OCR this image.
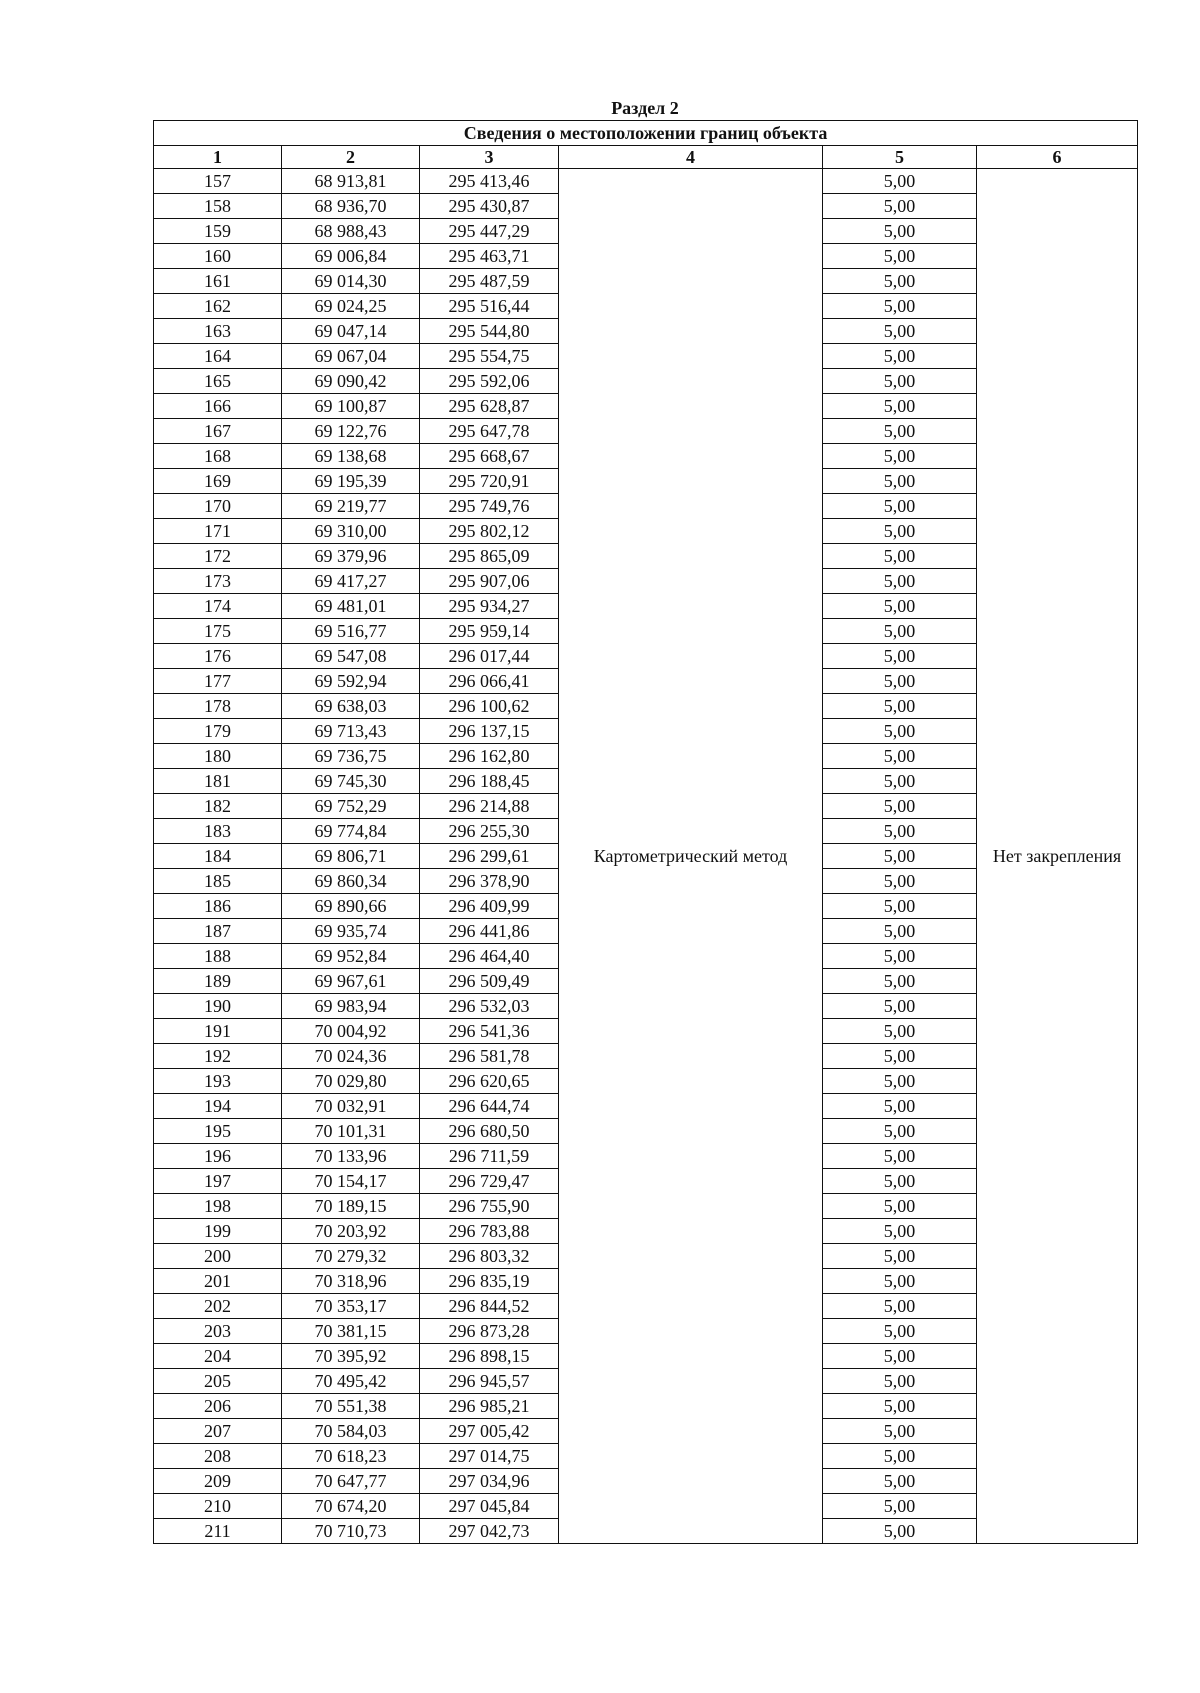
Раздел 2
Сведения о местоположении границ объекта					
1	2	3	4	5	6
157	68 913,81	295 413,46	Картометрический метод	5,00	Нет закрепления
158	68 936,70	295 430,87		5,00	
159	68 988,43	295 447,29		5,00	
160	69 006,84	295 463,71		5,00	
161	69 014,30	295 487,59		5,00	
162	69 024,25	295 516,44		5,00	
163	69 047,14	295 544,80		5,00	
164	69 067,04	295 554,75		5,00	
165	69 090,42	295 592,06		5,00	
166	69 100,87	295 628,87		5,00	
167	69 122,76	295 647,78		5,00	
168	69 138,68	295 668,67		5,00	
169	69 195,39	295 720,91		5,00	
170	69 219,77	295 749,76		5,00	
171	69 310,00	295 802,12		5,00	
172	69 379,96	295 865,09		5,00	
173	69 417,27	295 907,06		5,00	
174	69 481,01	295 934,27		5,00	
175	69 516,77	295 959,14		5,00	
176	69 547,08	296 017,44		5,00	
177	69 592,94	296 066,41		5,00	
178	69 638,03	296 100,62		5,00	
179	69 713,43	296 137,15		5,00	
180	69 736,75	296 162,80		5,00	
181	69 745,30	296 188,45		5,00	
182	69 752,29	296 214,88		5,00	
183	69 774,84	296 255,30		5,00	
184	69 806,71	296 299,61		5,00	
185	69 860,34	296 378,90		5,00	
186	69 890,66	296 409,99		5,00	
187	69 935,74	296 441,86		5,00	
188	69 952,84	296 464,40		5,00	
189	69 967,61	296 509,49		5,00	
190	69 983,94	296 532,03		5,00	
191	70 004,92	296 541,36		5,00	
192	70 024,36	296 581,78		5,00	
193	70 029,80	296 620,65		5,00	
194	70 032,91	296 644,74		5,00	
195	70 101,31	296 680,50		5,00	
196	70 133,96	296 711,59		5,00	
197	70 154,17	296 729,47		5,00	
198	70 189,15	296 755,90		5,00	
199	70 203,92	296 783,88		5,00	
200	70 279,32	296 803,32		5,00	
201	70 318,96	296 835,19		5,00	
202	70 353,17	296 844,52		5,00	
203	70 381,15	296 873,28		5,00	
204	70 395,92	296 898,15		5,00	
205	70 495,42	296 945,57		5,00	
206	70 551,38	296 985,21		5,00	
207	70 584,03	297 005,42		5,00	
208	70 618,23	297 014,75		5,00	
209	70 647,77	297 034,96		5,00	
210	70 674,20	297 045,84		5,00	
211	70 710,73	297 042,73		5,00	
